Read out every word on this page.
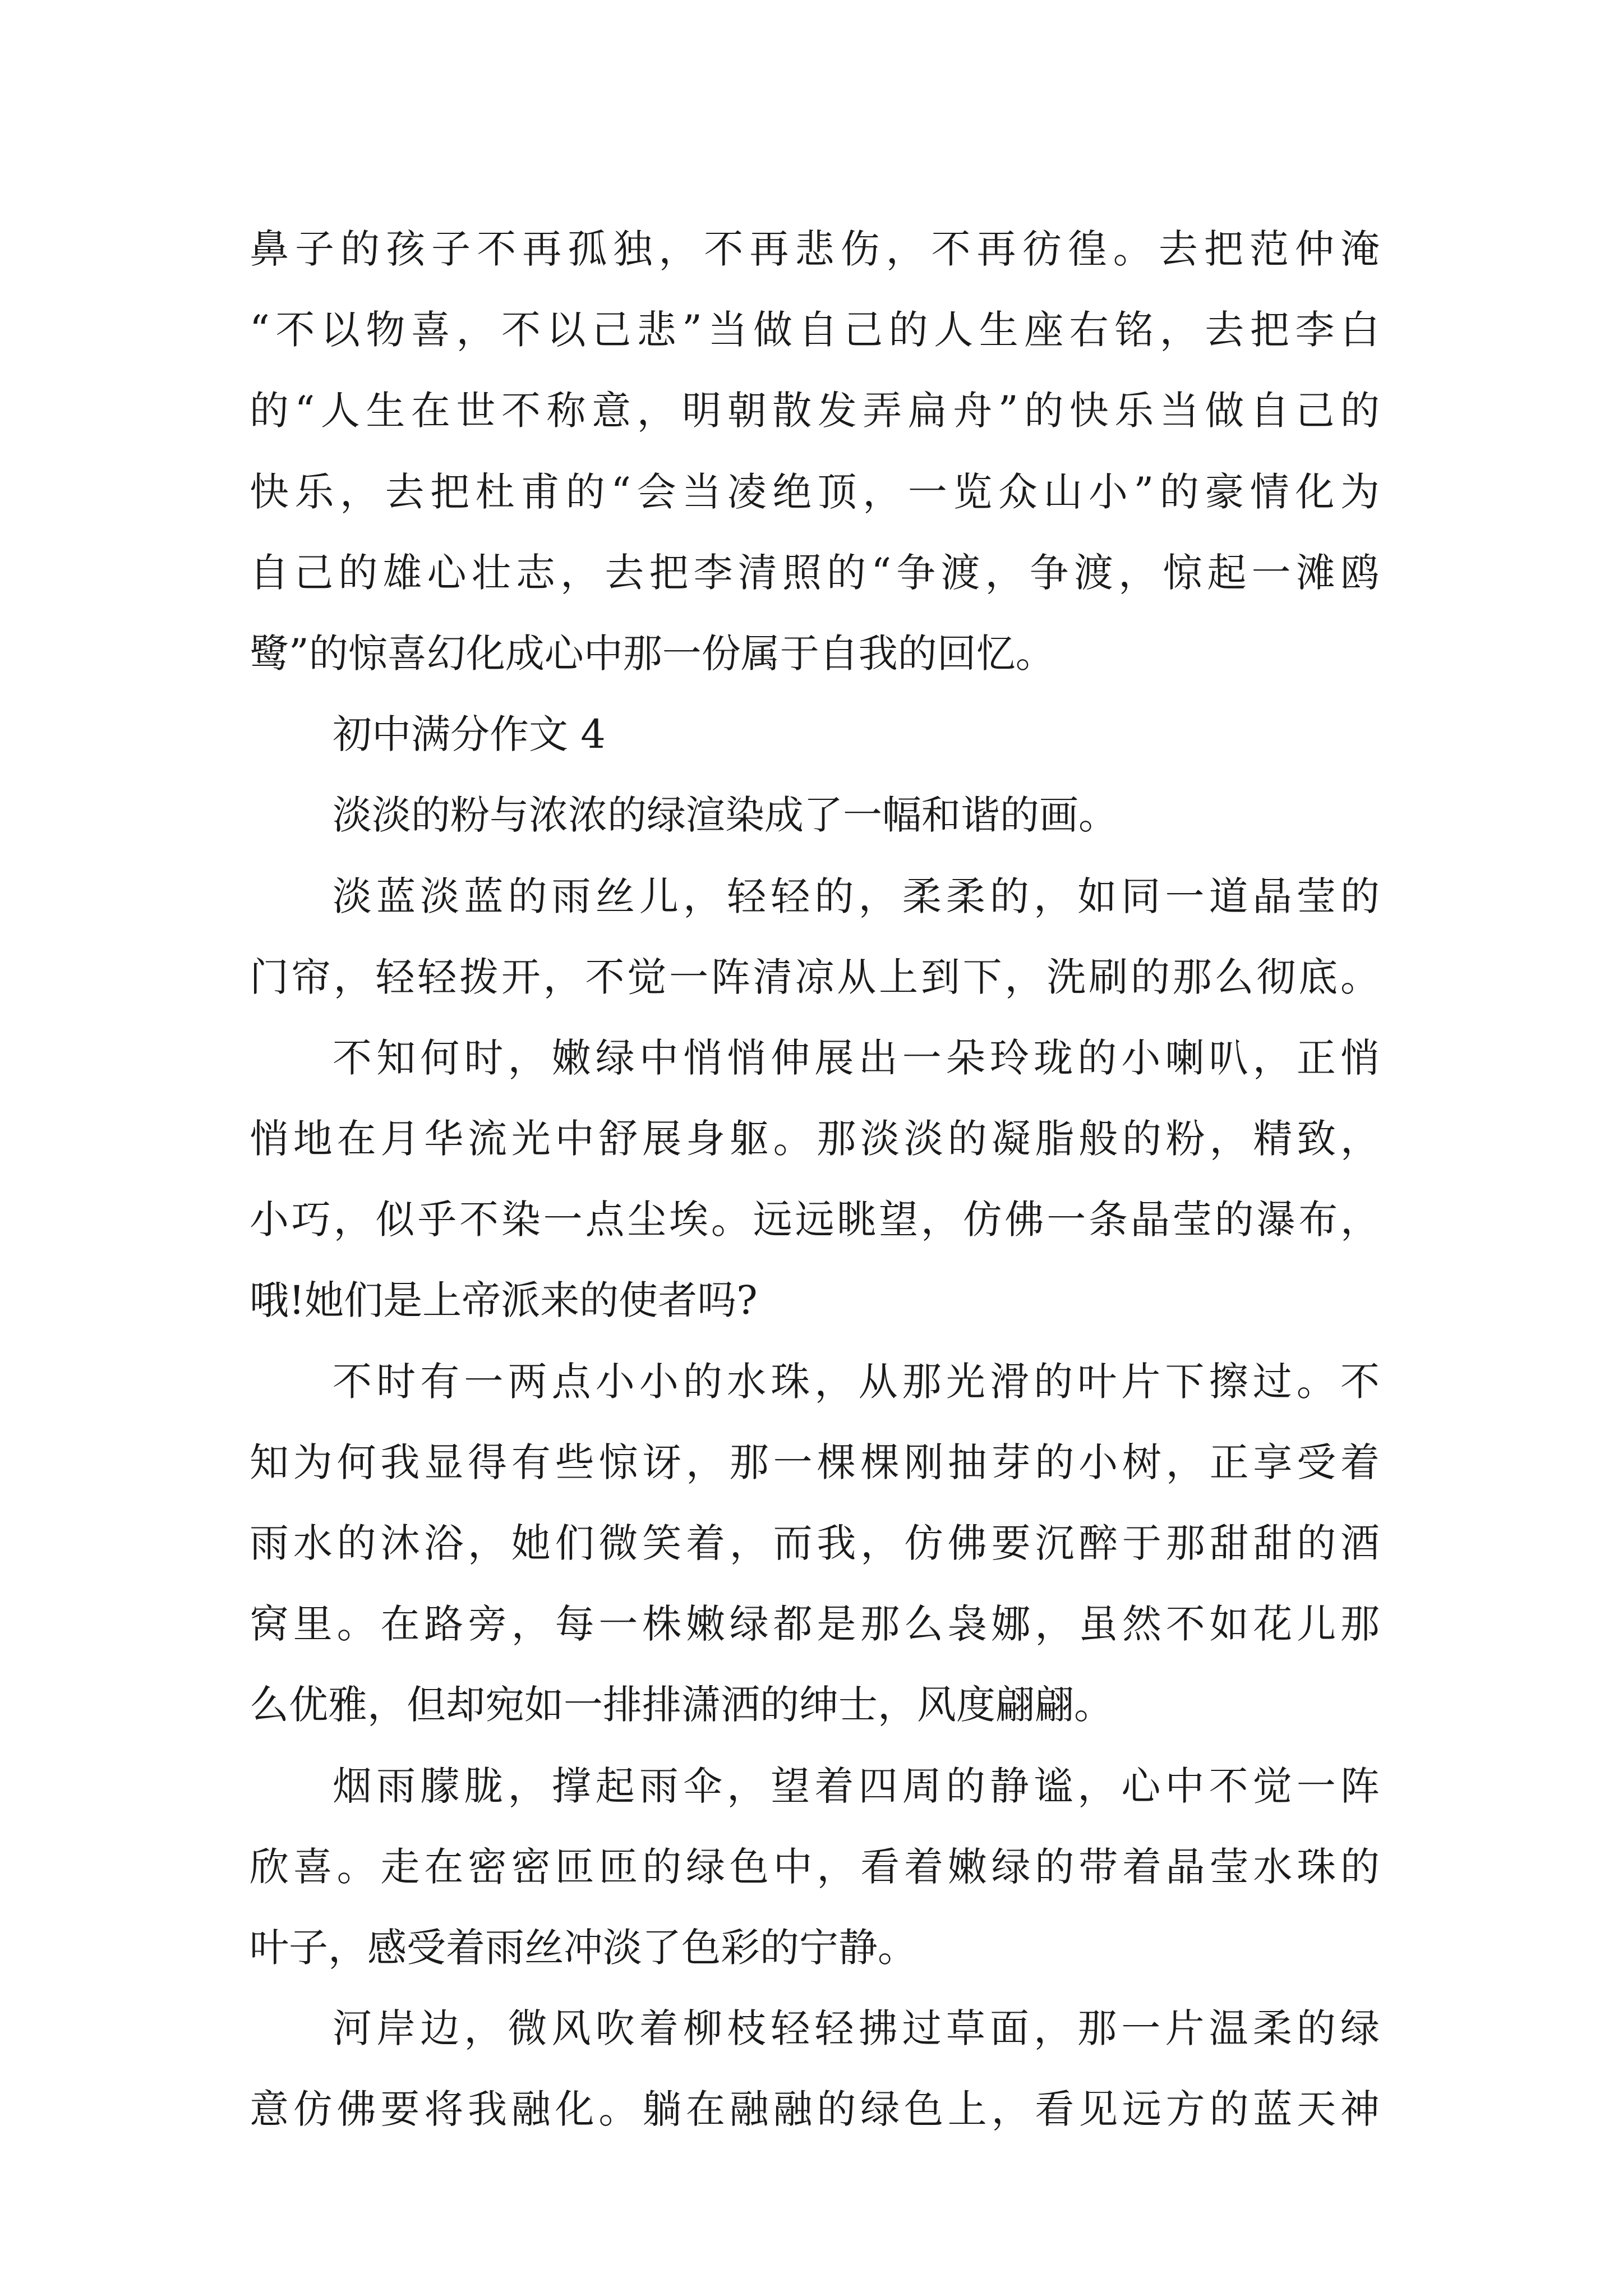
鼻子的孩子不再孤独，不再悲伤，不再彷徨。去把范仲淹
“不以物喜，不以己悲”当做自己的人生座右铭，去把李白
的“人生在世不称意，明朝散发弄扁舟”的快乐当做自己的
快乐，去把杜甫的“会当凌绝顶，一览众山小”的豪情化为
自己的雄心壮志，去把李清照的“争渡，争渡，惊起一滩鸥
鹭”的惊喜幻化成心中那一份属于自我的回忆。
初中满分作文 4
淡淡的粉与浓浓的绿渲染成了一幅和谐的画。
淡蓝淡蓝的雨丝儿，轻轻的，柔柔的，如同一道晶莹的
门帘，轻轻拨开，不觉一阵清凉从上到下，洗刷的那么彻底。
不知何时，嫩绿中悄悄伸展出一朵玲珑的小喇叭，正悄
悄地在月华流光中舒展身躯。那淡淡的凝脂般的粉，精致，
小巧，似乎不染一点尘埃。远远眺望，仿佛一条晶莹的瀑布，
哦!她们是上帝派来的使者吗?
不时有一两点小小的水珠，从那光滑的叶片下擦过。不
知为何我显得有些惊讶，那一棵棵刚抽芽的小树，正享受着
雨水的沐浴，她们微笑着，而我，仿佛要沉醉于那甜甜的酒
窝里。在路旁，每一株嫩绿都是那么袅娜，虽然不如花儿那
么优雅，但却宛如一排排潇洒的绅士，风度翩翩。
烟雨朦胧，撑起雨伞，望着四周的静谧，心中不觉一阵
欣喜。走在密密匝匝的绿色中，看着嫩绿的带着晶莹水珠的
叶子，感受着雨丝冲淡了色彩的宁静。
河岸边，微风吹着柳枝轻轻拂过草面，那一片温柔的绿
意仿佛要将我融化。躺在融融的绿色上，看见远方的蓝天神
